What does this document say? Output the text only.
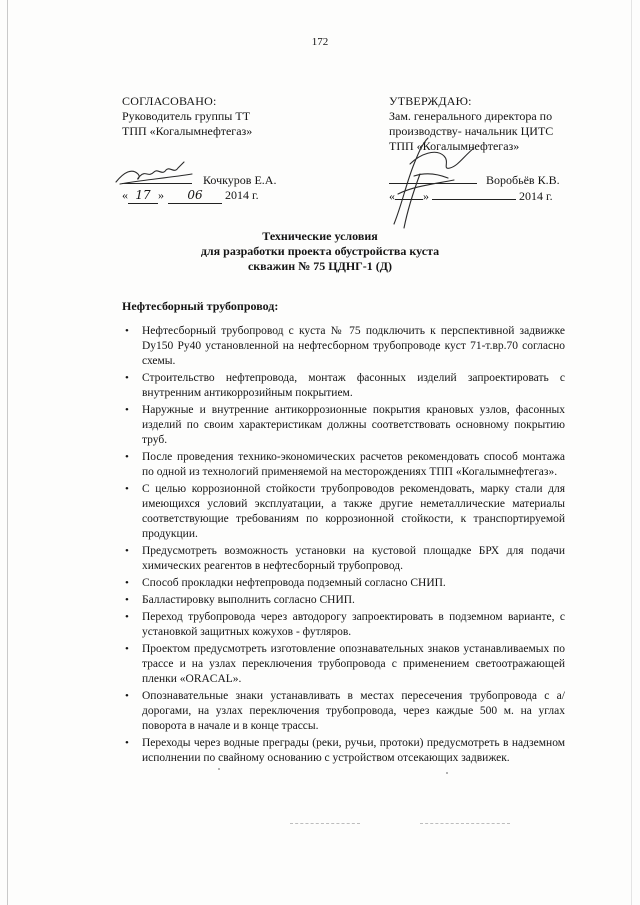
172
СОГЛАСОВАНО:
Руководитель группы ТТ
ТПП «Когалымнефтегаз»
Кочкуров Е.А.
« 17 » 06 2014 г.
УТВЕРЖДАЮ:
Зам. генерального директора по
производству- начальник ЦИТС
ТПП «Когалымнефтегаз»
Воробьёв К.В.
« »	2014 г.
Технические условия
для разработки проекта обустройства куста
скважин № 75 ЦДНГ-1 (Д)
Нефтесборный трубопровод:
• Нефтесборный трубопровод с куста № 75 подключить к перспективной задвижке Dy150 Py40 установленной на нефтесборном трубопроводе куст 71-т.вр.70 согласно схемы.
• Строительство нефтепровода, монтаж фасонных изделий запроектировать с внутренним антикоррозийным покрытием.
• Наружные и внутренние антикоррозионные покрытия крановых узлов, фасонных изделий по своим характеристикам должны соответствовать основному покрытию труб.
• После проведения технико-экономических расчетов рекомендовать способ монтажа по одной из технологий применяемой на месторождениях ТПП «Когалымнефтегаз».
• С целью коррозионной стойкости трубопроводов рекомендовать, марку стали для имеющихся условий эксплуатации, а также другие неметаллические материалы соответствующие требованиям по коррозионной стойкости, к транспортируемой продукции.
• Предусмотреть возможность установки на кустовой площадке БРХ для подачи химических реагентов в нефтесборный трубопровод.
• Способ прокладки нефтепровода подземный согласно СНИП.
• Балластировку выполнить согласно СНИП.
• Переход трубопровода через автодорогу запроектировать в подземном варианте, с установкой защитных кожухов - футляров.
• Проектом предусмотреть изготовление опознавательных знаков устанавливаемых по трассе и на узлах переключения трубопровода с применением светоотражающей пленки «ORACAL».
• Опознавательные знаки устанавливать в местах пересечения трубопровода с а/дорогами, на узлах переключения трубопровода, через каждые 500 м. на углах поворота в начале и в конце трассы.
• Переходы через водные преграды (реки, ручьи, протоки) предусмотреть в надземном исполнении по свайному основанию с устройством отсекающих задвижек.
